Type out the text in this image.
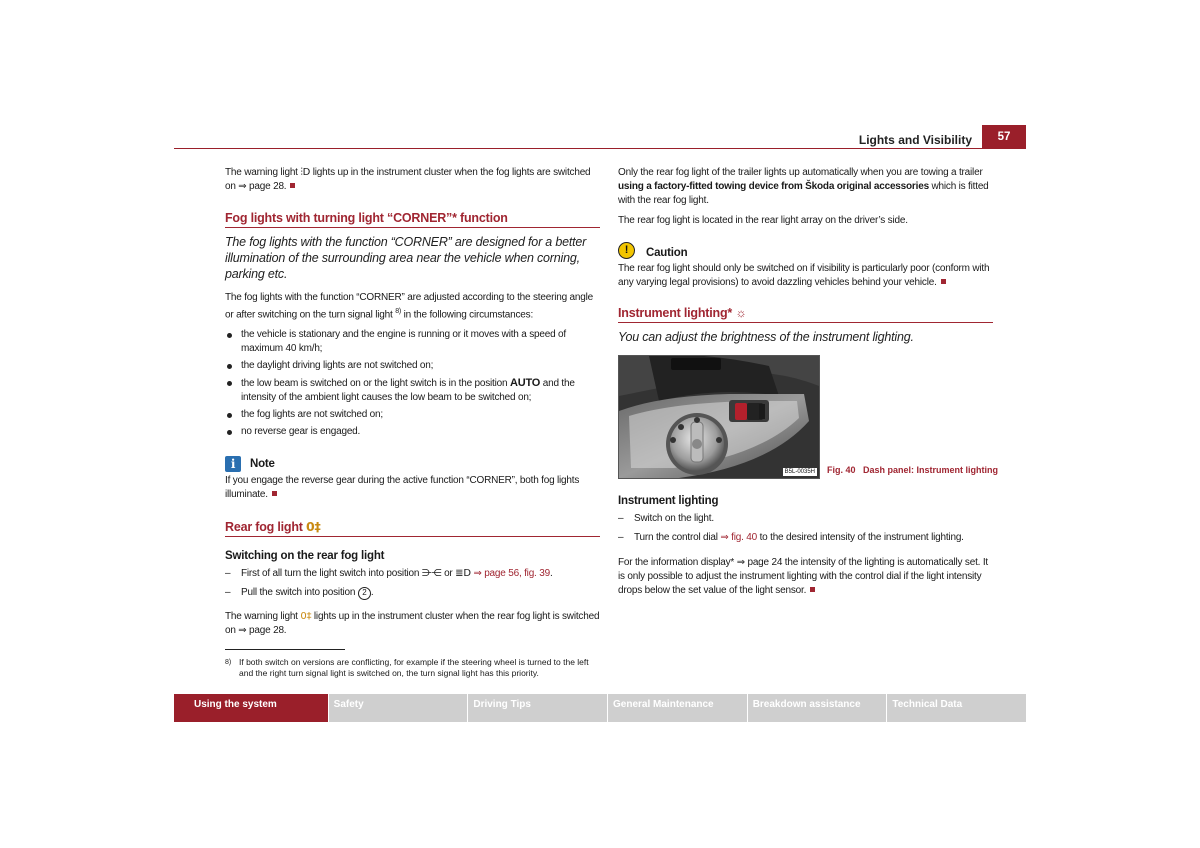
Lights and Visibility	57

The warning light ⫶D lights up in the instrument cluster when the fog lights are switched on ⇒ page 28.

Fog lights with turning light “CORNER”* function

The fog lights with the function “CORNER” are designed for a better illumination of the surrounding area near the vehicle when corning, parking etc.

The fog lights with the function “CORNER” are adjusted according to the steering angle or after switching on the turn signal light $^{8)}$ in the following circumstances:

the vehicle is stationary and the engine is running or it moves with a speed of maximum 40 km/h;

the daylight driving lights are not switched on;

the low beam is switched on or the light switch is in the position AUTO and the intensity of the ambient light causes the low beam to be switched on;

the fog lights are not switched on;

no reverse gear is engaged.

i	Note

If you engage the reverse gear during the active function “CORNER”, both fog lights illuminate.

Rear fog light 0‡

Switching on the rear fog light

– First of all turn the light switch into position ⋺⋲ or ≣D ⇒ page 56, fig. 39.

– Pull the switch into position 2 .

The warning light 0‡ lights up in the instrument cluster when the rear fog light is switched on ⇒ page 28.

8) If both switch on versions are conflicting, for example if the steering wheel is turned to the left and the right turn signal light is switched on, the turn signal light has this priority.

Only the rear fog light of the trailer lights up automatically when you are towing a trailer using a factory-fitted towing device from Škoda original accessories which is fitted with the rear fog light.

The rear fog light is located in the rear light array on the driver’s side.

!	Caution

The rear fog light should only be switched on if visibility is particularly poor (conform with any varying legal provisions) to avoid dazzling vehicles behind your vehicle.

Instrument lighting* ☼

You can adjust the brightness of the instrument lighting.

B5L-0035H Fig. 40 Dash panel: Instrument lighting

Instrument lighting

– Switch on the light.

– Turn the control dial ⇒ fig. 40 to the desired intensity of the instrument lighting.

For the information display* ⇒ page 24 the intensity of the lighting is automatically set. It is only possible to adjust the instrument lighting with the control dial if the light intensity drops below the set value of the light sensor.

Using the system	Safety	Driving Tips	General Maintenance	Breakdown assistance	Technical Data
